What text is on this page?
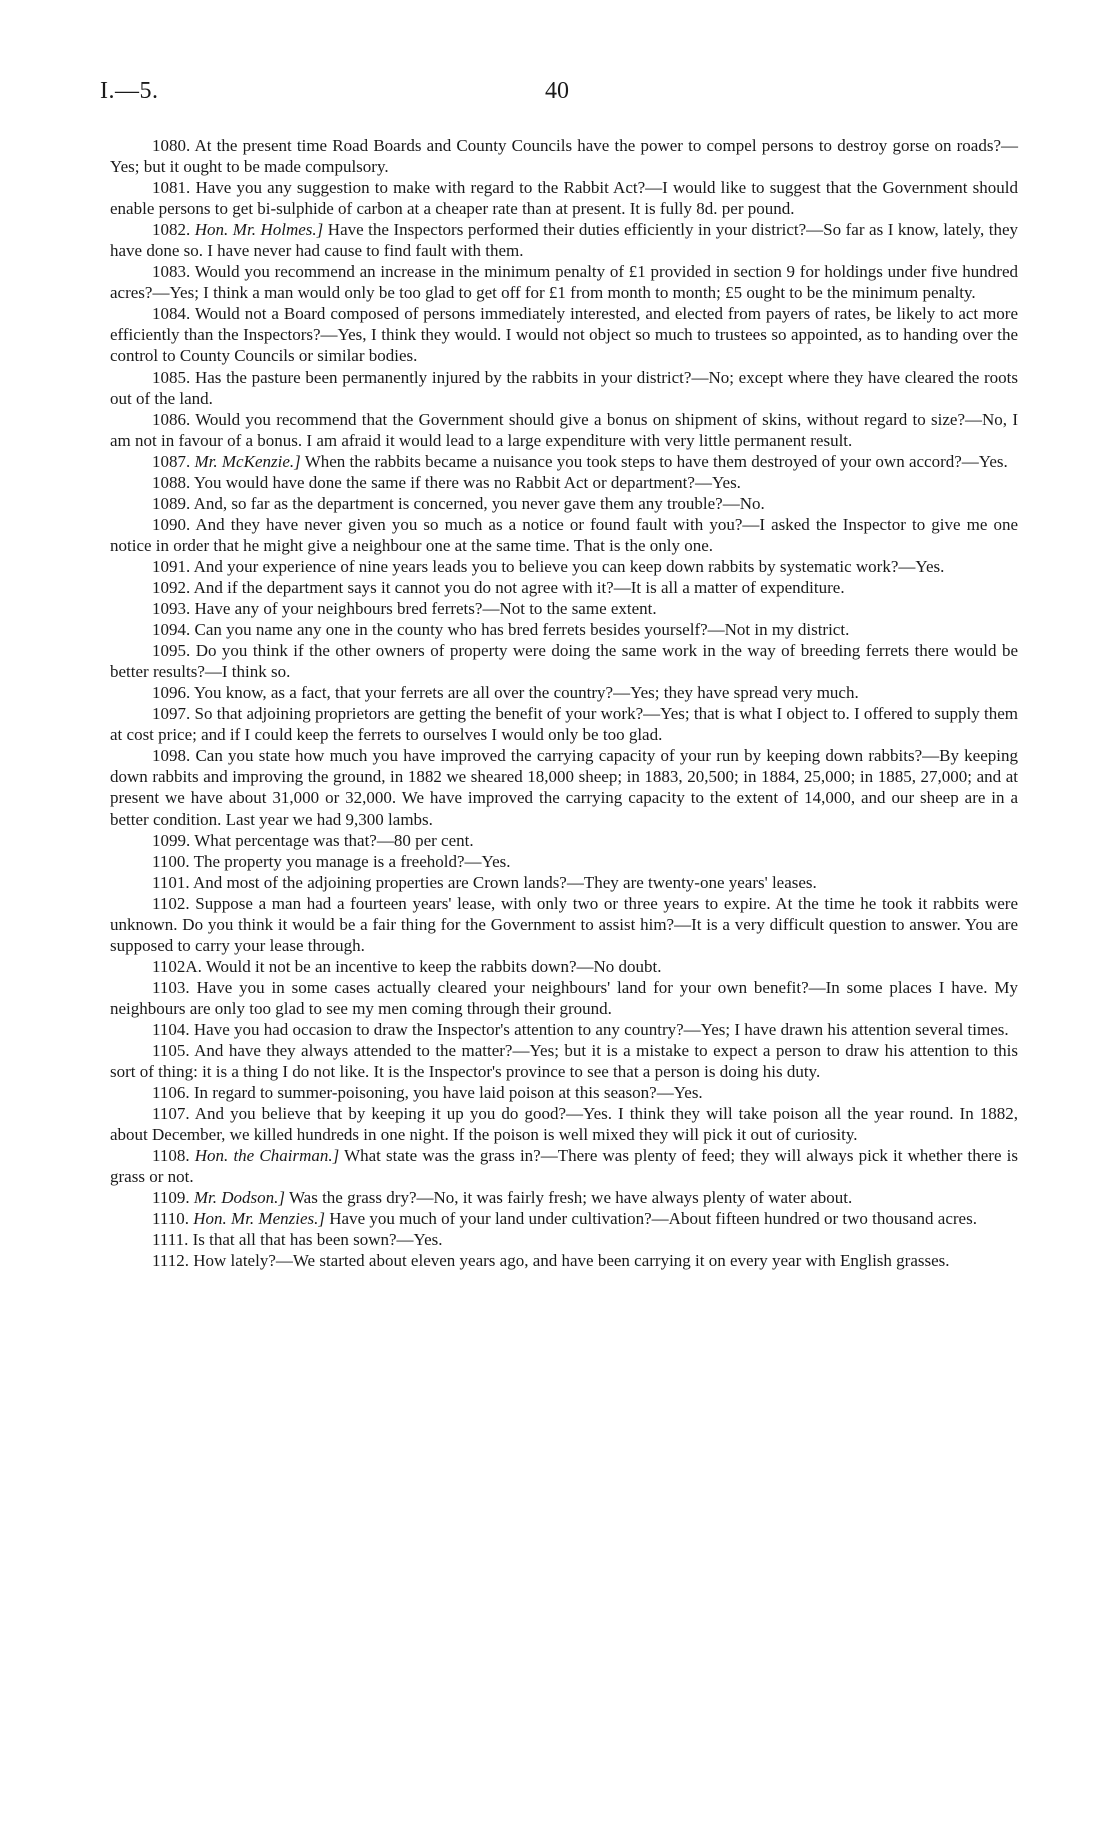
I.—5.	40

1080. At the present time Road Boards and County Councils have the power to compel persons to destroy gorse on roads?—Yes; but it ought to be made compulsory.

1081. Have you any suggestion to make with regard to the Rabbit Act?—I would like to suggest that the Government should enable persons to get bi-sulphide of carbon at a cheaper rate than at present. It is fully 8d. per pound.

1082. Hon. Mr. Holmes.] Have the Inspectors performed their duties efficiently in your district?—So far as I know, lately, they have done so. I have never had cause to find fault with them.

1083. Would you recommend an increase in the minimum penalty of £1 provided in section 9 for holdings under five hundred acres?—Yes; I think a man would only be too glad to get off for £1 from month to month; £5 ought to be the minimum penalty.

1084. Would not a Board composed of persons immediately interested, and elected from payers of rates, be likely to act more efficiently than the Inspectors?—Yes, I think they would. I would not object so much to trustees so appointed, as to handing over the control to County Councils or similar bodies.

1085. Has the pasture been permanently injured by the rabbits in your district?—No; except where they have cleared the roots out of the land.

1086. Would you recommend that the Government should give a bonus on shipment of skins, without regard to size?—No, I am not in favour of a bonus. I am afraid it would lead to a large expenditure with very little permanent result.

1087. Mr. McKenzie.] When the rabbits became a nuisance you took steps to have them destroyed of your own accord?—Yes.

1088. You would have done the same if there was no Rabbit Act or department?—Yes.

1089. And, so far as the department is concerned, you never gave them any trouble?—No.

1090. And they have never given you so much as a notice or found fault with you?—I asked the Inspector to give me one notice in order that he might give a neighbour one at the same time. That is the only one.

1091. And your experience of nine years leads you to believe you can keep down rabbits by systematic work?—Yes.

1092. And if the department says it cannot you do not agree with it?—It is all a matter of expenditure.

1093. Have any of your neighbours bred ferrets?—Not to the same extent.

1094. Can you name any one in the county who has bred ferrets besides yourself?—Not in my district.

1095. Do you think if the other owners of property were doing the same work in the way of breeding ferrets there would be better results?—I think so.

1096. You know, as a fact, that your ferrets are all over the country?—Yes; they have spread very much.

1097. So that adjoining proprietors are getting the benefit of your work?—Yes; that is what I object to. I offered to supply them at cost price; and if I could keep the ferrets to ourselves I would only be too glad.

1098. Can you state how much you have improved the carrying capacity of your run by keeping down rabbits?—By keeping down rabbits and improving the ground, in 1882 we sheared 18,000 sheep; in 1883, 20,500; in 1884, 25,000; in 1885, 27,000; and at present we have about 31,000 or 32,000. We have improved the carrying capacity to the extent of 14,000, and our sheep are in a better condition. Last year we had 9,300 lambs.

1099. What percentage was that?—80 per cent.

1100. The property you manage is a freehold?—Yes.

1101. And most of the adjoining properties are Crown lands?—They are twenty-one years' leases.

1102. Suppose a man had a fourteen years' lease, with only two or three years to expire. At the time he took it rabbits were unknown. Do you think it would be a fair thing for the Government to assist him?—It is a very difficult question to answer. You are supposed to carry your lease through.

1102A. Would it not be an incentive to keep the rabbits down?—No doubt.

1103. Have you in some cases actually cleared your neighbours' land for your own benefit?—In some places I have. My neighbours are only too glad to see my men coming through their ground.

1104. Have you had occasion to draw the Inspector's attention to any country?—Yes; I have drawn his attention several times.

1105. And have they always attended to the matter?—Yes; but it is a mistake to expect a person to draw his attention to this sort of thing: it is a thing I do not like. It is the Inspector's province to see that a person is doing his duty.

1106. In regard to summer-poisoning, you have laid poison at this season?—Yes.

1107. And you believe that by keeping it up you do good?—Yes. I think they will take poison all the year round. In 1882, about December, we killed hundreds in one night. If the poison is well mixed they will pick it out of curiosity.

1108. Hon. the Chairman.] What state was the grass in?—There was plenty of feed; they will always pick it whether there is grass or not.

1109. Mr. Dodson.] Was the grass dry?—No, it was fairly fresh; we have always plenty of water about.

1110. Hon. Mr. Menzies.] Have you much of your land under cultivation?—About fifteen hundred or two thousand acres.

1111. Is that all that has been sown?—Yes.

1112. How lately?—We started about eleven years ago, and have been carrying it on every year with English grasses.
